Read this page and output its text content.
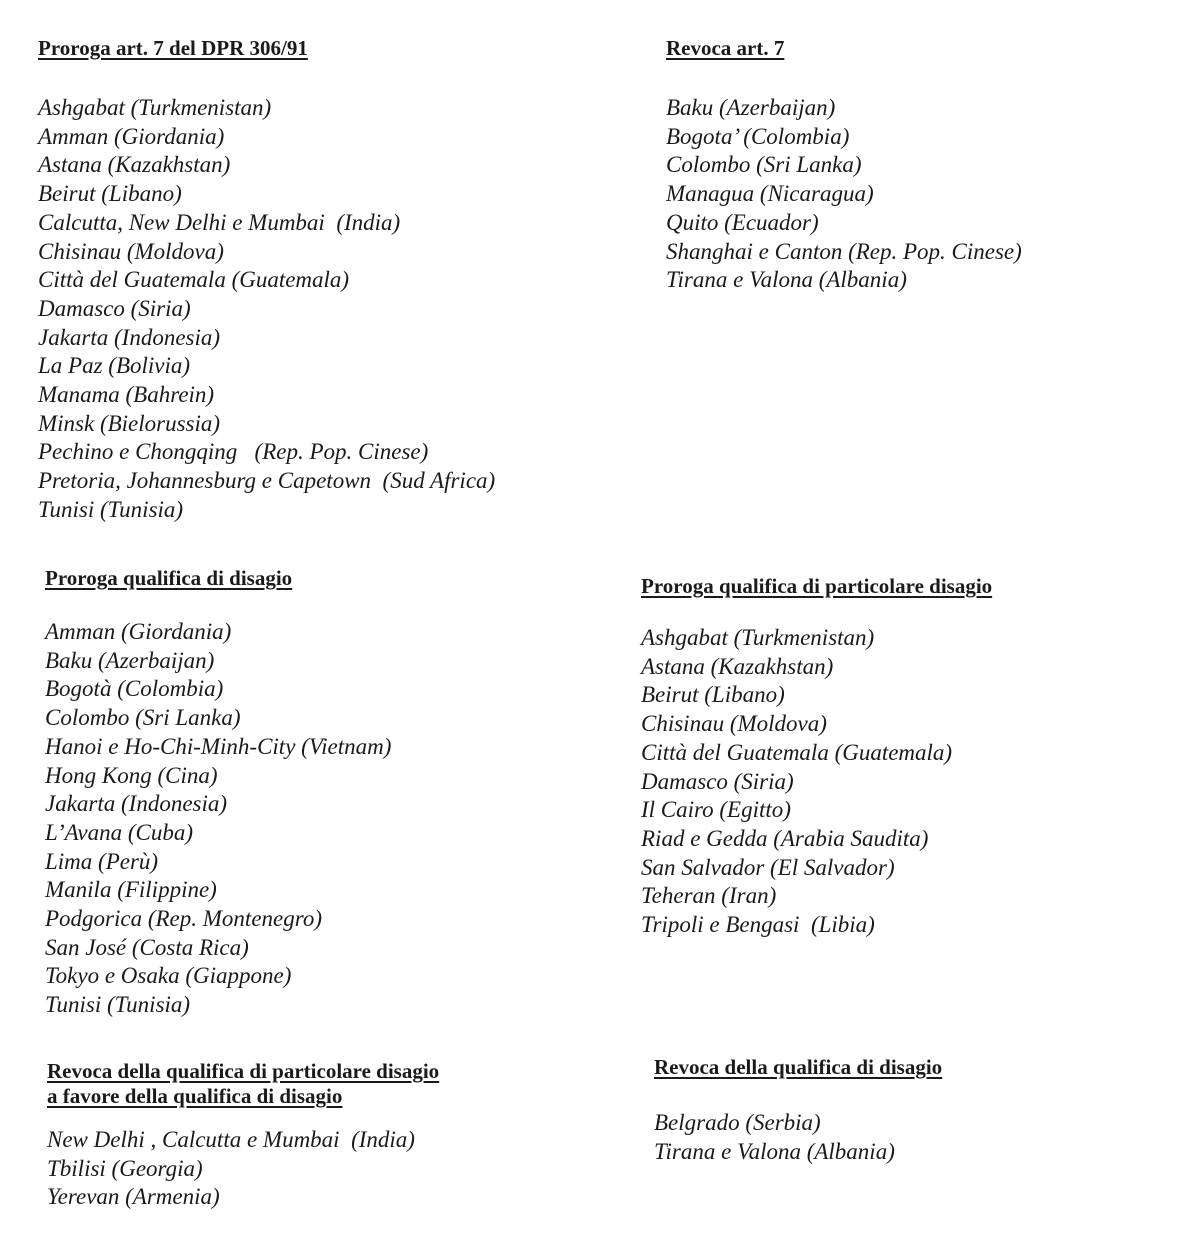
Proroga art. 7 del DPR 306/91
Ashgabat (Turkmenistan)
Amman (Giordania)
Astana (Kazakhstan)
Beirut (Libano)
Calcutta, New Delhi e Mumbai  (India)
Chisinau (Moldova)
Città del Guatemala (Guatemala)
Damasco (Siria)
Jakarta (Indonesia)
La Paz (Bolivia)
Manama (Bahrein)
Minsk (Bielorussia)
Pechino e Chongqing   (Rep. Pop. Cinese)
Pretoria, Johannesburg e Capetown  (Sud Africa)
Tunisi (Tunisia)
Revoca art. 7
Baku (Azerbaijan)
Bogota’ (Colombia)
Colombo (Sri Lanka)
Managua (Nicaragua)
Quito (Ecuador)
Shanghai e Canton (Rep. Pop. Cinese)
Tirana e Valona (Albania)
Proroga qualifica di disagio
Amman (Giordania)
Baku (Azerbaijan)
Bogotà (Colombia)
Colombo (Sri Lanka)
Hanoi e Ho-Chi-Minh-City (Vietnam)
Hong Kong (Cina)
Jakarta (Indonesia)
L’Avana (Cuba)
Lima (Perù)
Manila (Filippine)
Podgorica (Rep. Montenegro)
San José (Costa Rica)
Tokyo e Osaka (Giappone)
Tunisi (Tunisia)
Proroga qualifica di particolare disagio
Ashgabat (Turkmenistan)
Astana (Kazakhstan)
Beirut (Libano)
Chisinau (Moldova)
Città del Guatemala (Guatemala)
Damasco (Siria)
Il Cairo (Egitto)
Riad e Gedda (Arabia Saudita)
San Salvador (El Salvador)
Teheran (Iran)
Tripoli e Bengasi  (Libia)
Revoca della qualifica di particolare disagio
a favore della qualifica di disagio
New Delhi , Calcutta e Mumbai  (India)
Tbilisi (Georgia)
Yerevan (Armenia)
Revoca della qualifica di disagio
Belgrado (Serbia)
Tirana e Valona (Albania)
